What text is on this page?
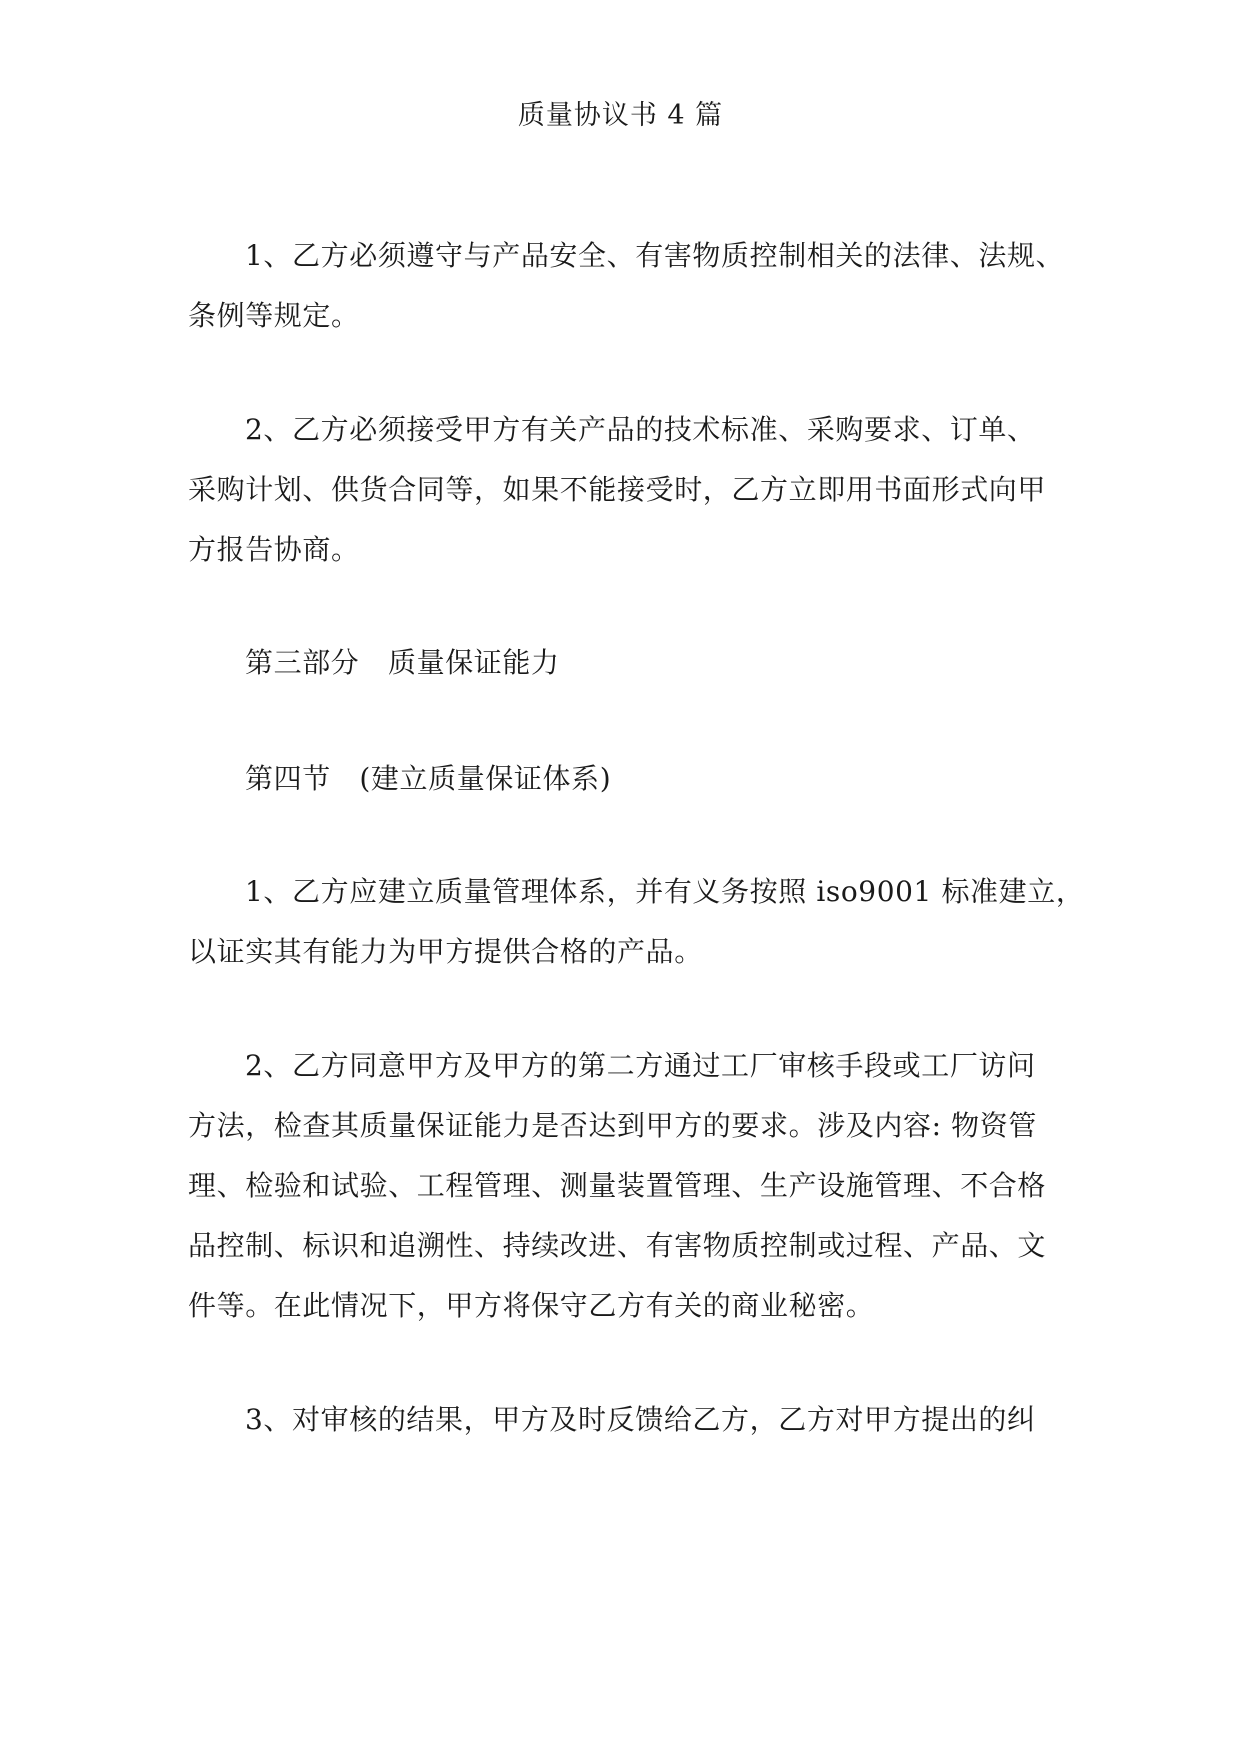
质量协议书 4 篇
1、乙方必须遵守与产品安全、有害物质控制相关的法律、法规、
条例等规定。
2、乙方必须接受甲方有关产品的技术标准、采购要求、订单、
采购计划、供货合同等，如果不能接受时，乙方立即用书面形式向甲
方报告协商。
第三部分　质量保证能力
第四节　(建立质量保证体系)
1、乙方应建立质量管理体系，并有义务按照 iso9001 标准建立，
以证实其有能力为甲方提供合格的产品。
2、乙方同意甲方及甲方的第二方通过工厂审核手段或工厂访问
方法，检查其质量保证能力是否达到甲方的要求。涉及内容: 物资管
理、检验和试验、工程管理、测量装置管理、生产设施管理、不合格
品控制、标识和追溯性、持续改进、有害物质控制或过程、产品、文
件等。在此情况下，甲方将保守乙方有关的商业秘密。
3、对审核的结果，甲方及时反馈给乙方，乙方对甲方提出的纠
